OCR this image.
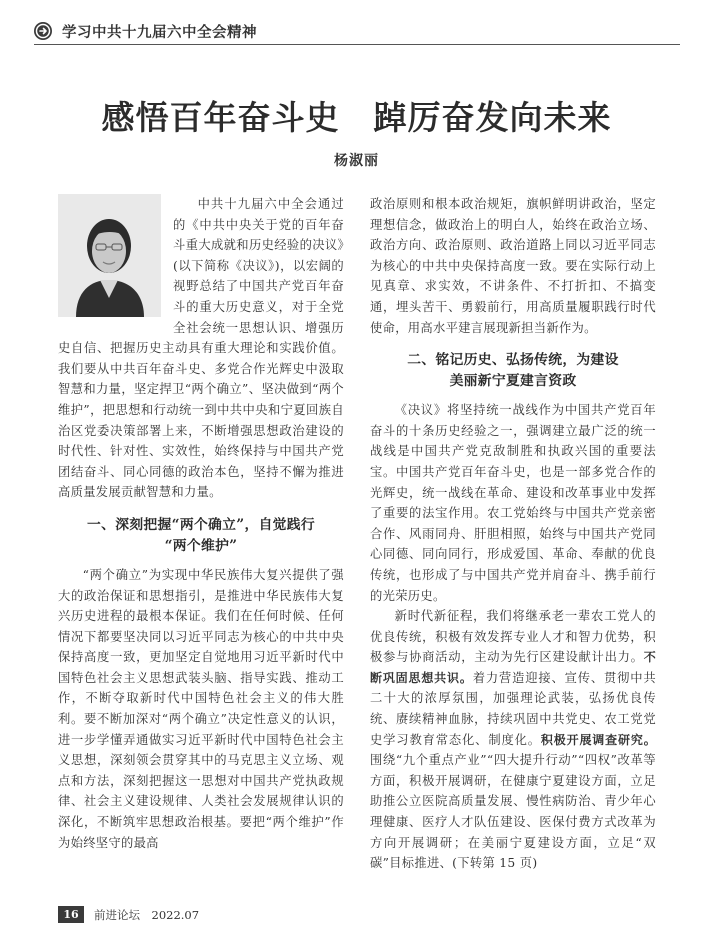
学习中共十九届六中全会精神
感悟百年奋斗史　踔厉奋发向未来
杨淑丽

中共十九届六中全会通过的《中共中央关于党的百年奋斗重大成就和历史经验的决议》(以下简称《决议》)，以宏阔的视野总结了中国共产党百年奋斗的重大历史意义，对于全党全社会统一思想认识、增强历史自信、把握历史主动具有重大理论和实践价值。我们要从中共百年奋斗史、多党合作光辉史中汲取智慧和力量，坚定捍卫“两个确立”、坚决做到“两个维护”，把思想和行动统一到中共中央和宁夏回族自治区党委决策部署上来，不断增强思想政治建设的时代性、针对性、实效性，始终保持与中国共产党团结奋斗、同心同德的政治本色，坚持不懈为推进高质量发展贡献智慧和力量。

一、深刻把握“两个确立”，自觉践行
“两个维护”

“两个确立”为实现中华民族伟大复兴提供了强大的政治保证和思想指引，是推进中华民族伟大复兴历史进程的最根本保证。我们在任何时候、任何情况下都要坚决同以习近平同志为核心的中共中央保持高度一致，更加坚定自觉地用习近平新时代中国特色社会主义思想武装头脑、指导实践、推动工作，不断夺取新时代中国特色社会主义的伟大胜利。要不断加深对“两个确立”决定性意义的认识，进一步学懂弄通做实习近平新时代中国特色社会主义思想，深刻领会贯穿其中的马克思主义立场、观点和方法，深刻把握这一思想对中国共产党执政规律、社会主义建设规律、人类社会发展规律认识的深化，不断筑牢思想政治根基。要把“两个维护”作为始终坚守的最高

政治原则和根本政治规矩，旗帜鲜明讲政治，坚定理想信念，做政治上的明白人，始终在政治立场、政治方向、政治原则、政治道路上同以习近平同志为核心的中共中央保持高度一致。要在实际行动上见真章、求实效，不讲条件、不打折扣、不搞变通，埋头苦干、勇毅前行，用高质量履职践行时代使命，用高水平建言展现新担当新作为。

二、铭记历史、弘扬传统，为建设
美丽新宁夏建言资政

《决议》将坚持统一战线作为中国共产党百年奋斗的十条历史经验之一，强调建立最广泛的统一战线是中国共产党克敌制胜和执政兴国的重要法宝。中国共产党百年奋斗史，也是一部多党合作的光辉史，统一战线在革命、建设和改革事业中发挥了重要的法宝作用。农工党始终与中国共产党亲密合作、风雨同舟、肝胆相照，始终与中国共产党同心同德、同向同行，形成爱国、革命、奉献的优良传统，也形成了与中国共产党并肩奋斗、携手前行的光荣历史。

新时代新征程，我们将继承老一辈农工党人的优良传统，积极有效发挥专业人才和智力优势，积极参与协商活动，主动为先行区建设献计出力。不断巩固思想共识。着力营造迎接、宣传、贯彻中共二十大的浓厚氛围，加强理论武装，弘扬优良传统、赓续精神血脉，持续巩固中共党史、农工党党史学习教育常态化、制度化。积极开展调查研究。围绕“九个重点产业”“四大提升行动”“四权”改革等方面，积极开展调研，在健康宁夏建设方面，立足助推公立医院高质量发展、慢性病防治、青少年心理健康、医疗人才队伍建设、医保付费方式改革为方向开展调研；在美丽宁夏建设方面，立足“双碳”目标推进、(下转第 15 页)

16	前进论坛　 2022.07
